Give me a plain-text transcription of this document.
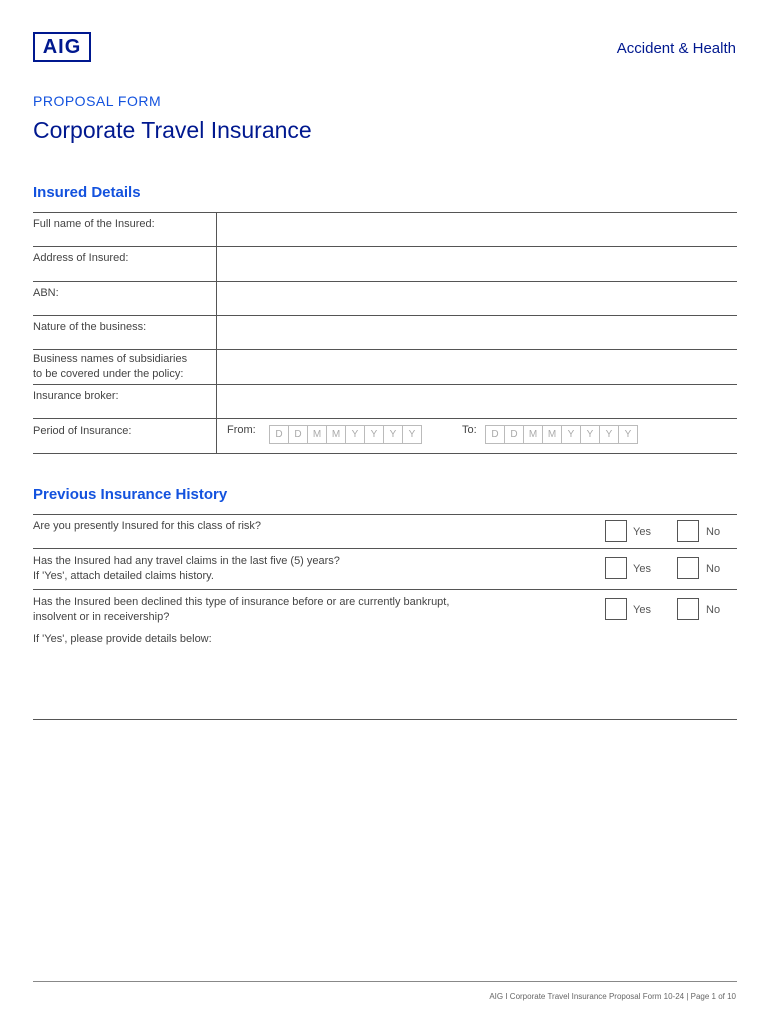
AIG	Accident & Health
PROPOSAL FORM
Corporate Travel Insurance
Insured Details
Full name of the Insured:
Address of Insured:
ABN:
Nature of the business:
Business names of subsidiaries
to be covered under the policy:
Insurance broker:
Period of Insurance:	From:	D	D	M	M	Y	Y	Y	Y	To:	D	D	M	M	Y	Y	Y	Y
Previous Insurance History
Are you presently Insured for this class of risk?	Yes	No
Has the Insured had any travel claims in the last five (5) years?
If 'Yes', attach detailed claims history.
Yes	No
Has the Insured been declined this type of insurance before or are currently bankrupt,
insolvent or in receivership?
Yes	No
If 'Yes', please provide details below:
AIG I Corporate Travel Insurance Proposal Form 10-24 | Page 1 of 10
